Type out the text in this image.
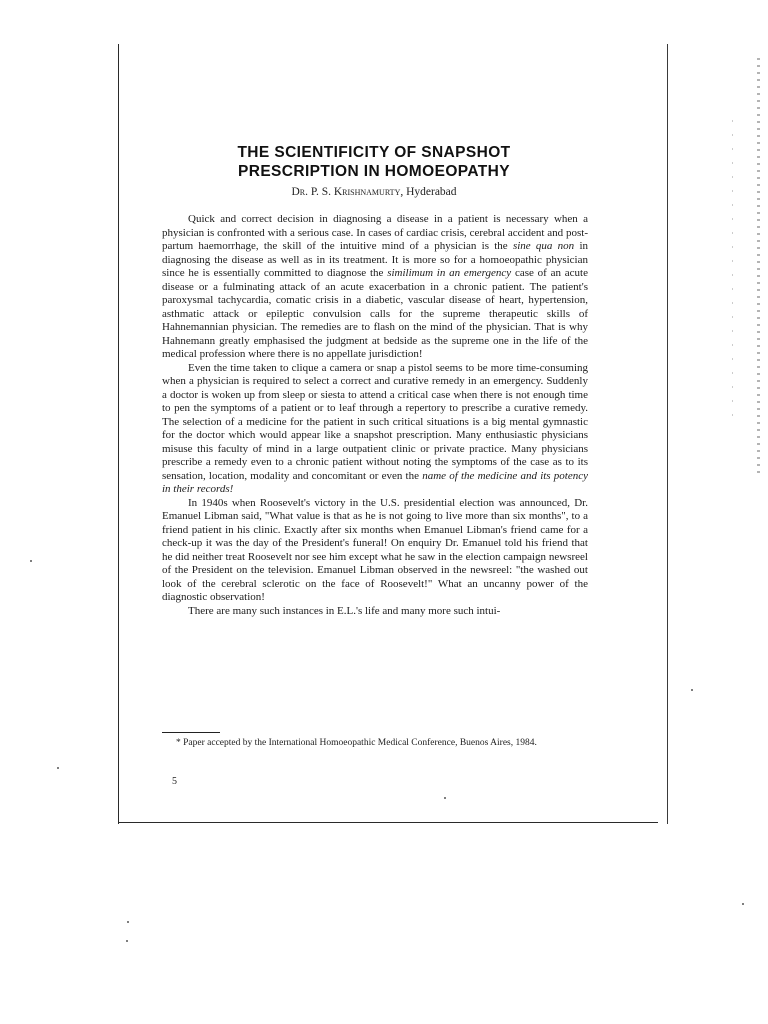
THE SCIENTIFICITY OF SNAPSHOT
PRESCRIPTION IN HOMOEOPATHY
Dr. P. S. Krishnamurty, Hyderabad

Quick and correct decision in diagnosing a disease in a patient is necessary when a physician is confronted with a serious case. In cases of cardiac crisis, cerebral accident and post-partum haemorrhage, the skill of the intuitive mind of a physician is the sine qua non in diagnosing the disease as well as in its treatment. It is more so for a homoeopathic physician since he is essentially committed to diagnose the similimum in an emergency case of an acute disease or a fulminating attack of an acute exacerbation in a chronic patient. The patient's paroxysmal tachycardia, comatic crisis in a diabetic, vascular disease of heart, hypertension, asthmatic attack or epileptic convulsion calls for the supreme therapeutic skills of Hahnemannian physician. The remedies are to flash on the mind of the physician. That is why Hahnemann greatly emphasised the judgment at bedside as the supreme one in the life of the medical profession where there is no appellate jurisdiction!

Even the time taken to clique a camera or snap a pistol seems to be more time-consuming when a physician is required to select a correct and curative remedy in an emergency. Suddenly a doctor is woken up from sleep or siesta to attend a critical case when there is not enough time to pen the symptoms of a patient or to leaf through a repertory to prescribe a curative remedy. The selection of a medicine for the patient in such critical situations is a big mental gymnastic for the doctor which would appear like a snapshot prescription. Many enthusiastic physicians misuse this faculty of mind in a large outpatient clinic or private practice. Many physicians prescribe a remedy even to a chronic patient without noting the symptoms of the case as to its sensation, location, modality and concomitant or even the name of the medicine and its potency in their records!

In 1940s when Roosevelt's victory in the U.S. presidential election was announced, Dr. Emanuel Libman said, "What value is that as he is not going to live more than six months", to a friend patient in his clinic. Exactly after six months when Emanuel Libman's friend came for a check-up it was the day of the President's funeral! On enquiry Dr. Emanuel told his friend that he did neither treat Roosevelt nor see him except what he saw in the election campaign newsreel of the President on the television. Emanuel Libman observed in the newsreel: "the washed out look of the cerebral sclerotic on the face of Roosevelt!" What an uncanny power of the diagnostic observation!

There are many such instances in E.L.'s life and many more such intui-

* Paper accepted by the International Homoeopathic Medical Conference, Buenos Aires, 1984.
5
